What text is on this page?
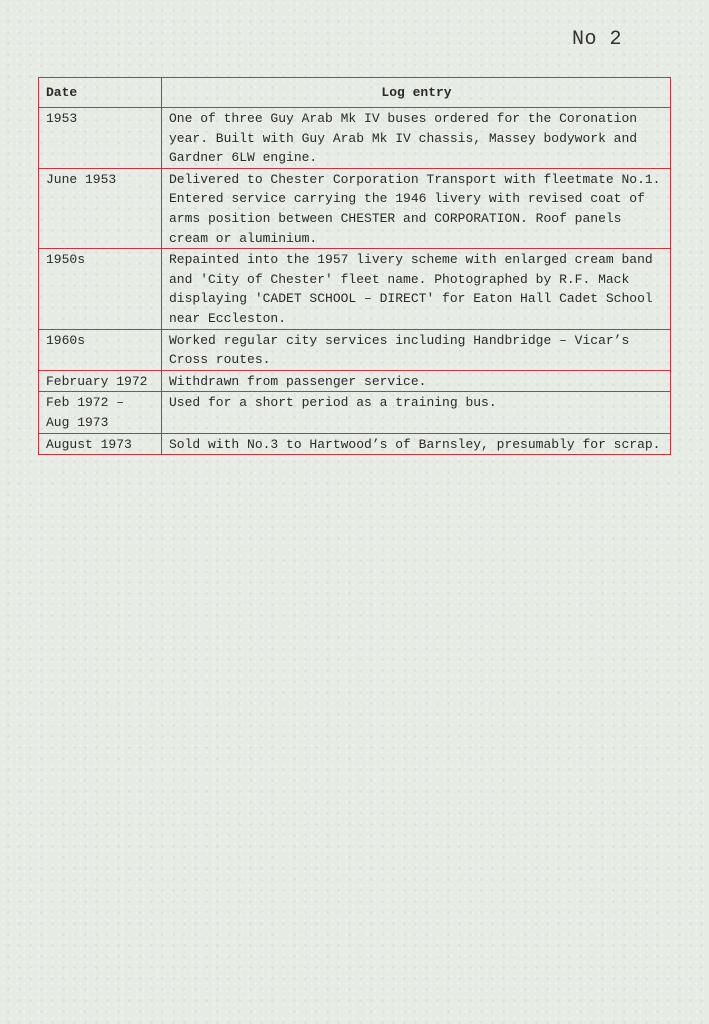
No 2
Date	Log entry
1953	One of three Guy Arab Mk IV buses ordered for the Coronation year. Built with Guy Arab Mk IV chassis, Massey bodywork and Gardner 6LW engine.
June 1953	Delivered to Chester Corporation Transport with fleetmate No.1. Entered service carrying the 1946 livery with revised coat of arms position between CHESTER and CORPORATION. Roof panels cream or aluminium.
1950s	Repainted into the 1957 livery scheme with enlarged cream band and 'City of Chester' fleet name. Photographed by R.F. Mack displaying 'CADET SCHOOL – DIRECT' for Eaton Hall Cadet School near Eccleston.
1960s	Worked regular city services including Handbridge – Vicar’s Cross routes.
February 1972	Withdrawn from passenger service.
Feb 1972 – Aug 1973	Used for a short period as a training bus.
August 1973	Sold with No.3 to Hartwood’s of Barnsley, presumably for scrap.
